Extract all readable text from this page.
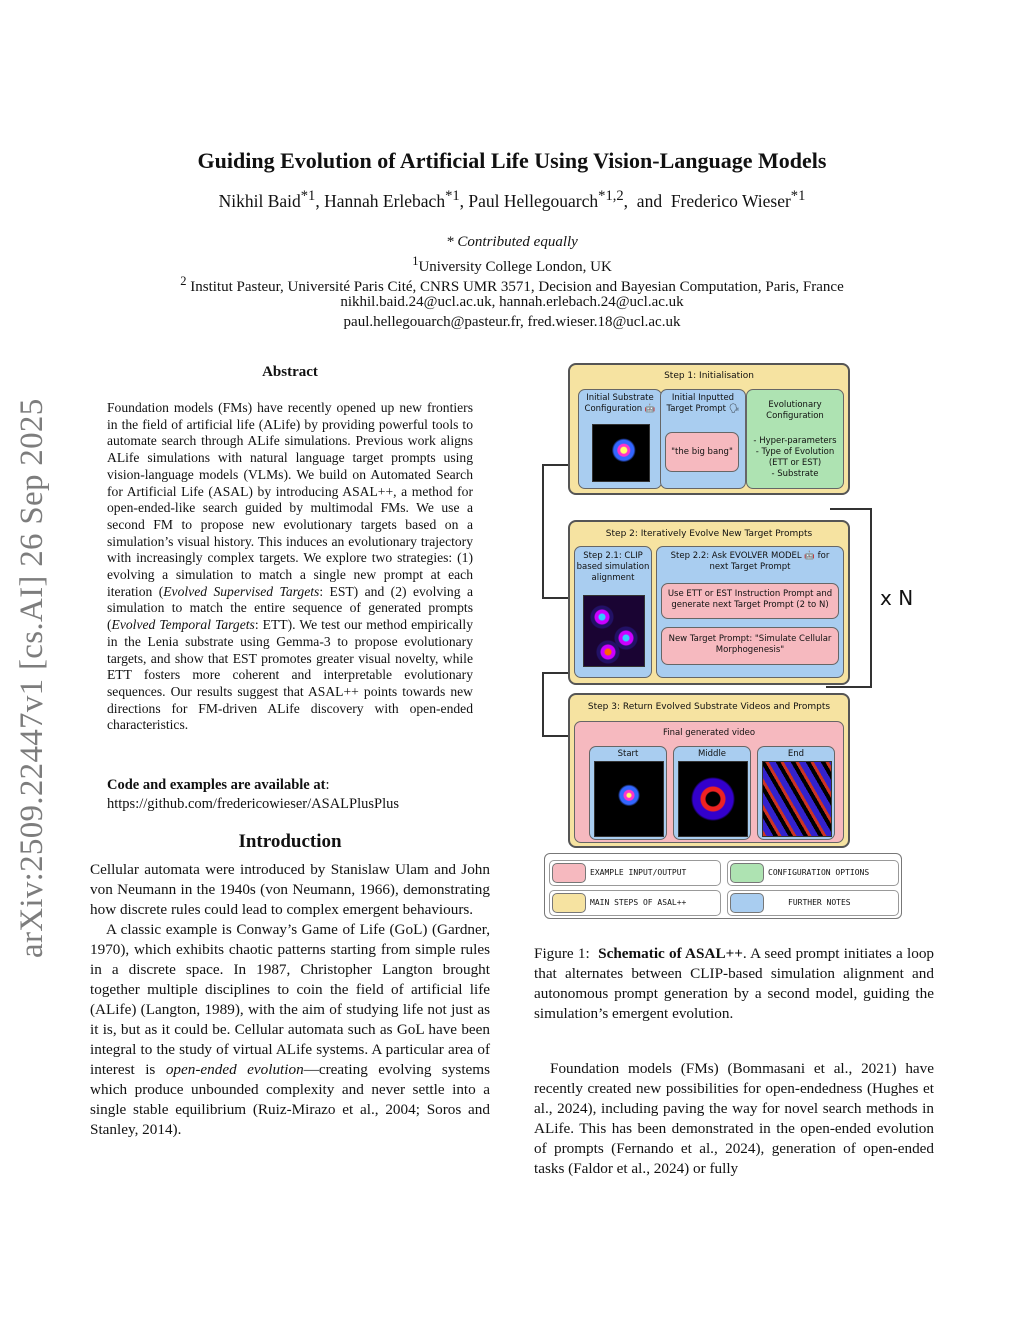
arXiv:2509.22447v1 [cs.AI] 26 Sep 2025
Guiding Evolution of Artificial Life Using Vision-Language Models
Nikhil Baid$^{*1}$, Hannah Erlebach$^{*1}$, Paul Hellegouarch$^{*1,2}$,  and Frederico Wieser$^{*1}$
* Contributed equally
$^1$University College London, UK
$^2$ Institut Pasteur, Université Paris Cité, CNRS UMR 3571, Decision and Bayesian Computation, Paris, France
nikhil.baid.24@ucl.ac.uk, hannah.erlebach.24@ucl.ac.uk
paul.hellegouarch@pasteur.fr, fred.wieser.18@ucl.ac.uk
Abstract
Foundation models (FMs) have recently opened up new frontiers in the field of artificial life (ALife) by providing powerful tools to automate search through ALife simulations. Previous work aligns ALife simulations with natural language target prompts using vision-language models (VLMs). We build on Automated Search for Artificial Life (ASAL) by introducing ASAL++, a method for open-ended-like search guided by multimodal FMs. We use a second FM to propose new evolutionary targets based on a simulation’s visual history. This induces an evolutionary trajectory with increasingly complex targets. We explore two strategies: (1) evolving a simulation to match a single new prompt at each iteration (Evolved Supervised Targets: EST) and (2) evolving a simulation to match the entire sequence of generated prompts (Evolved Temporal Targets: ETT). We test our method empirically in the Lenia substrate using Gemma-3 to propose evolutionary targets, and show that EST promotes greater visual novelty, while ETT fosters more coherent and interpretable evolutionary sequences. Our results suggest that ASAL++ points towards new directions for FM-driven ALife discovery with open-ended characteristics.
Code and examples are available at:
https://github.com/fredericowieser/ASALPlusPlus
Introduction

Cellular automata were introduced by Stanislaw Ulam and John von Neumann in the 1940s (von Neumann, 1966), demonstrating how discrete rules could lead to complex emergent behaviours.

A classic example is Conway’s Game of Life (GoL) (Gardner, 1970), which exhibits chaotic patterns starting from simple rules in a discrete space. In 1987, Christopher Langton brought together multiple disciplines to coin the field of artificial life (ALife) (Langton, 1989), with the aim of studying life not just as it is, but as it could be. Cellular automata such as GoL have been integral to the study of virtual ALife systems. A particular area of interest is open-ended evolution—creating evolving systems which produce unbounded complexity and never settle into a single stable equilibrium (Ruiz-Mirazo et al., 2004; Soros and Stanley, 2014).

x N
Step 1: Initialisation
Initial Substrate Configuration 🤖
Initial Inputted Target Prompt 🗣
"the big bang"
Evolutionary Configuration
- Hyper-parameters
- Type of Evolution (ETT or EST)
- Substrate
Step 2: Iteratively Evolve New Target Prompts
Step 2.1: CLIP based simulation alignment
Step 2.2: Ask EVOLVER MODEL 🤖 for next Target Prompt
Use ETT or EST Instruction Prompt and generate next Target Prompt (2 to N)
New Target Prompt: "Simulate Cellular Morphogenesis"
Step 3: Return Evolved Substrate Videos and Prompts
Final generated video
Start	Middle	End
EXAMPLE INPUT/OUTPUT	CONFIGURATION OPTIONS
MAIN STEPS OF ASAL++	FURTHER NOTES
Figure 1: Schematic of ASAL++. A seed prompt initiates a loop that alternates between CLIP-based simulation alignment and autonomous prompt generation by a second model, guiding the simulation’s emergent evolution.
Foundation models (FMs) (Bommasani et al., 2021) have recently created new possibilities for open-endedness (Hughes et al., 2024), including paving the way for novel search methods in ALife. This has been demonstrated in the open-ended evolution of prompts (Fernando et al., 2024), generation of open-ended tasks (Faldor et al., 2024) or fully
